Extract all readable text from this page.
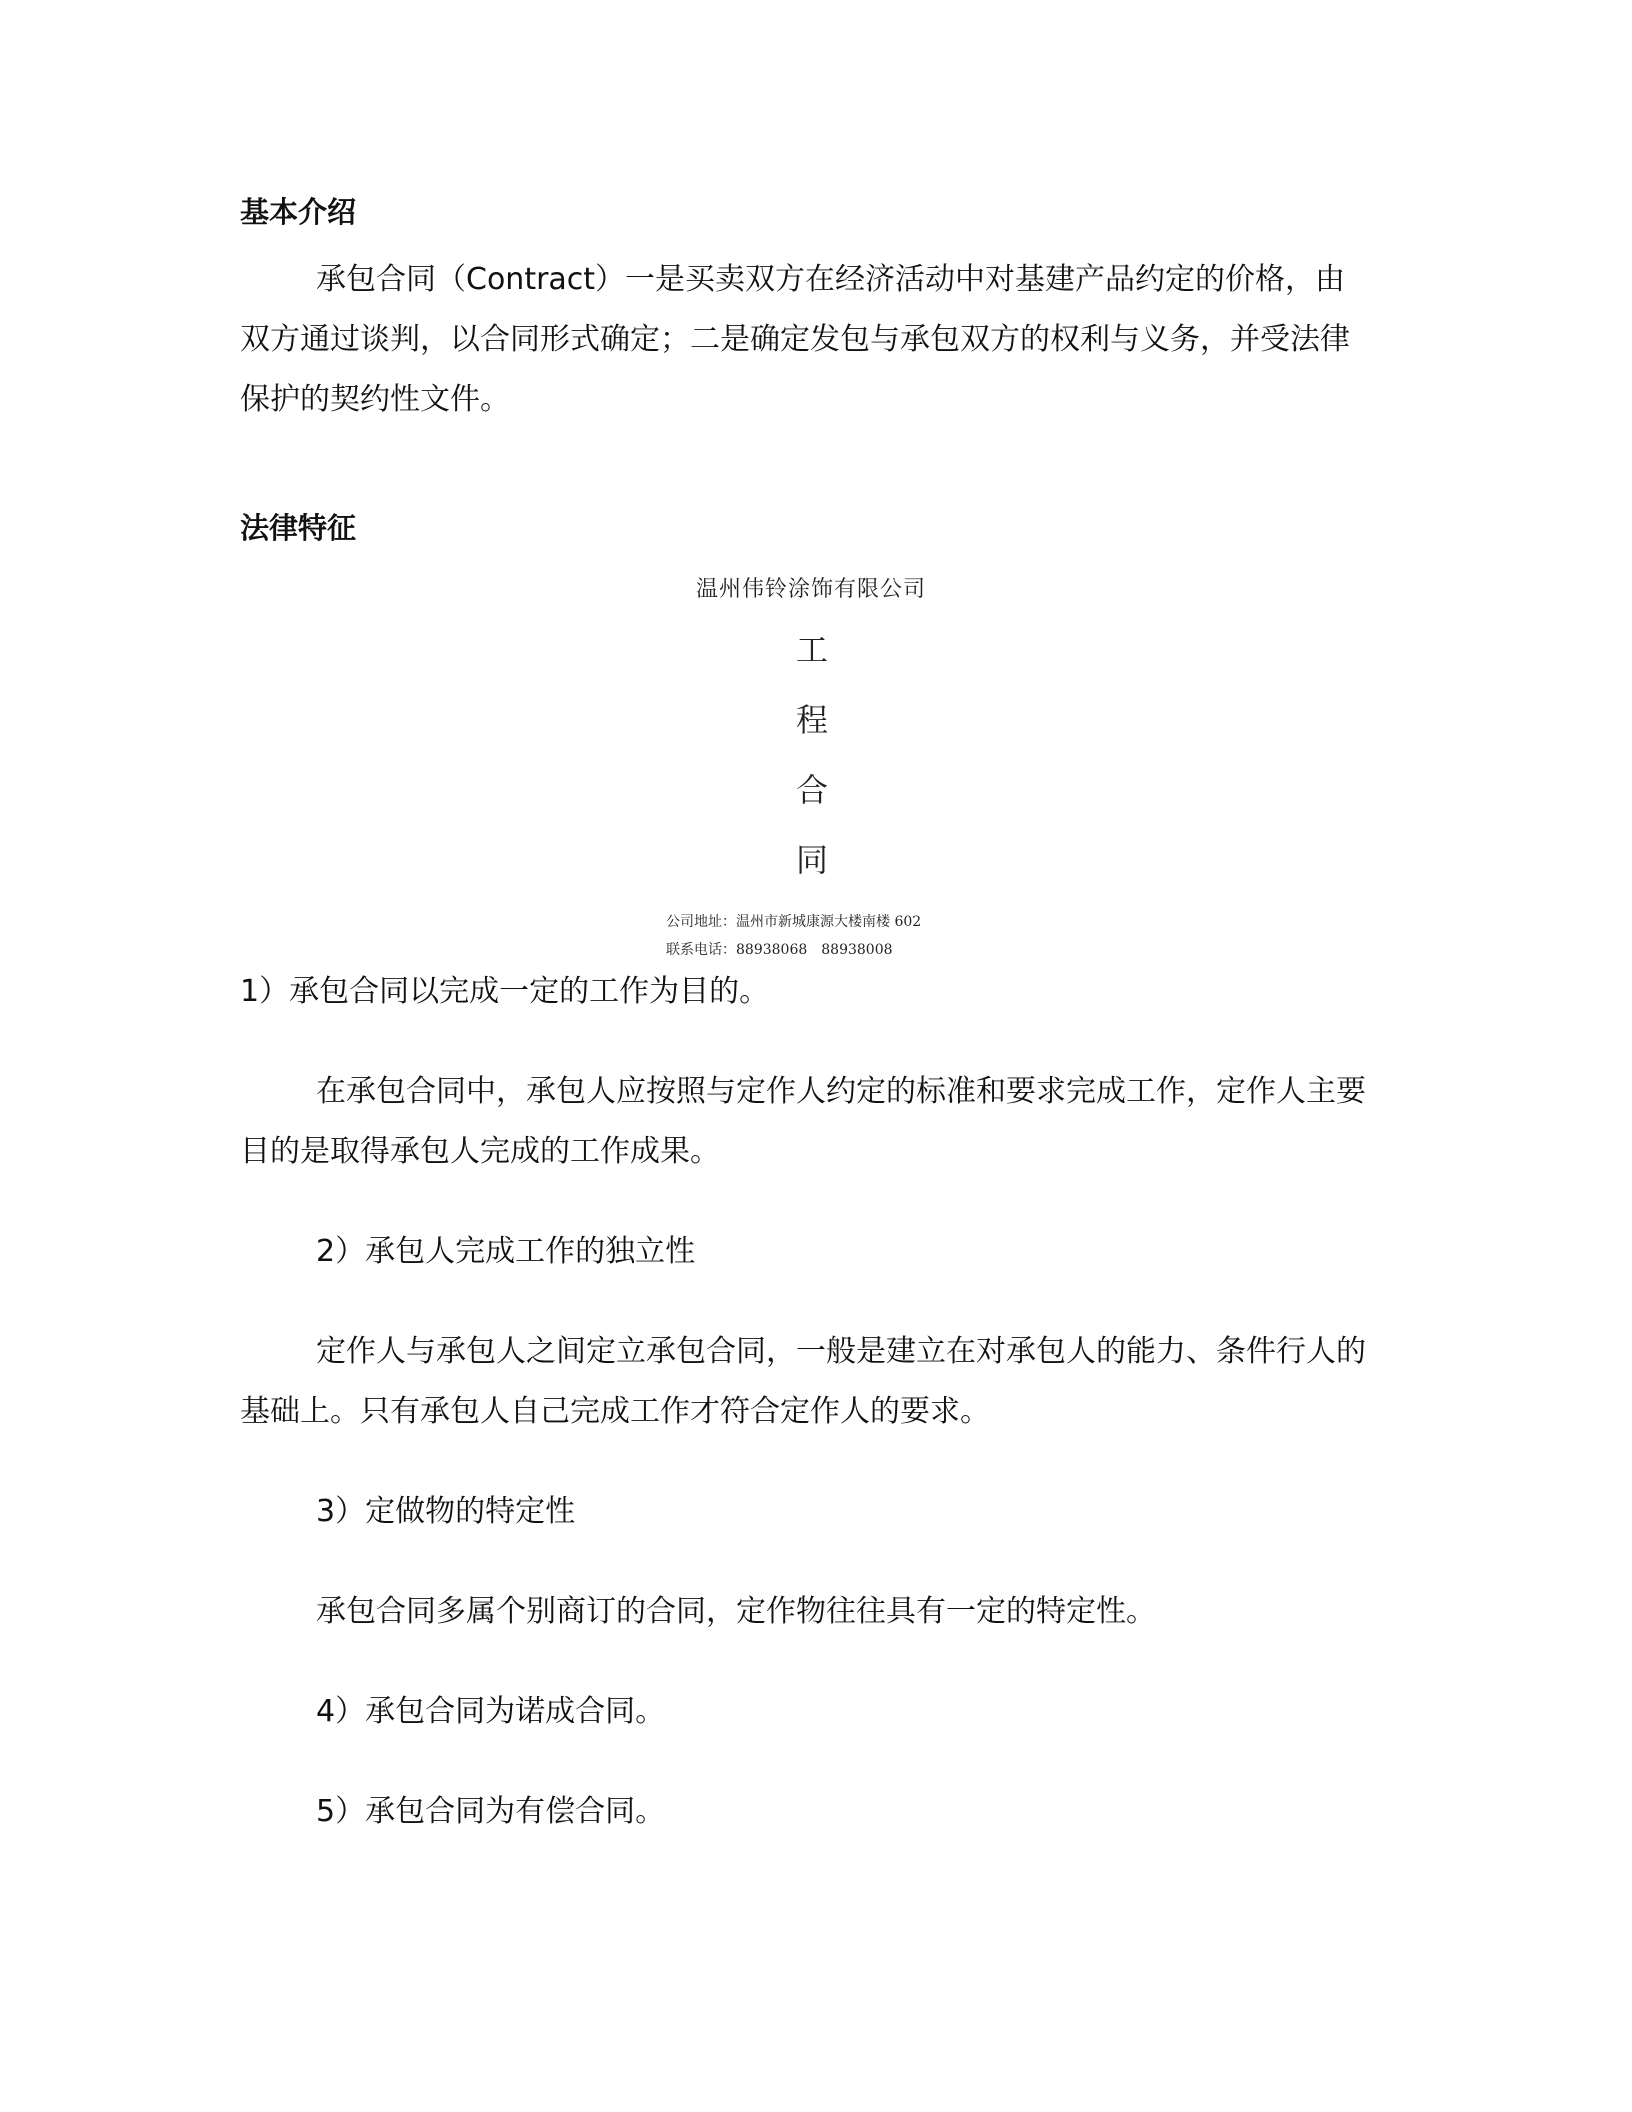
基本介绍
承包合同（Contract）一是买卖双方在经济活动中对基建产品约定的价格，由双方通过谈判，以合同形式确定；二是确定发包与承包双方的权利与义务，并受法律保护的契约性文件。
法律特征
温州伟铃涂饰有限公司
工
程
合
同
公司地址：温州市新城康源大楼南楼 602
联系电话：88938068　88938008
1）承包合同以完成一定的工作为目的。
在承包合同中，承包人应按照与定作人约定的标准和要求完成工作，定作人主要目的是取得承包人完成的工作成果。
2）承包人完成工作的独立性
定作人与承包人之间定立承包合同，一般是建立在对承包人的能力、条件行人的基础上。只有承包人自己完成工作才符合定作人的要求。
3）定做物的特定性
承包合同多属个别商订的合同，定作物往往具有一定的特定性。
4）承包合同为诺成合同。
5）承包合同为有偿合同。
